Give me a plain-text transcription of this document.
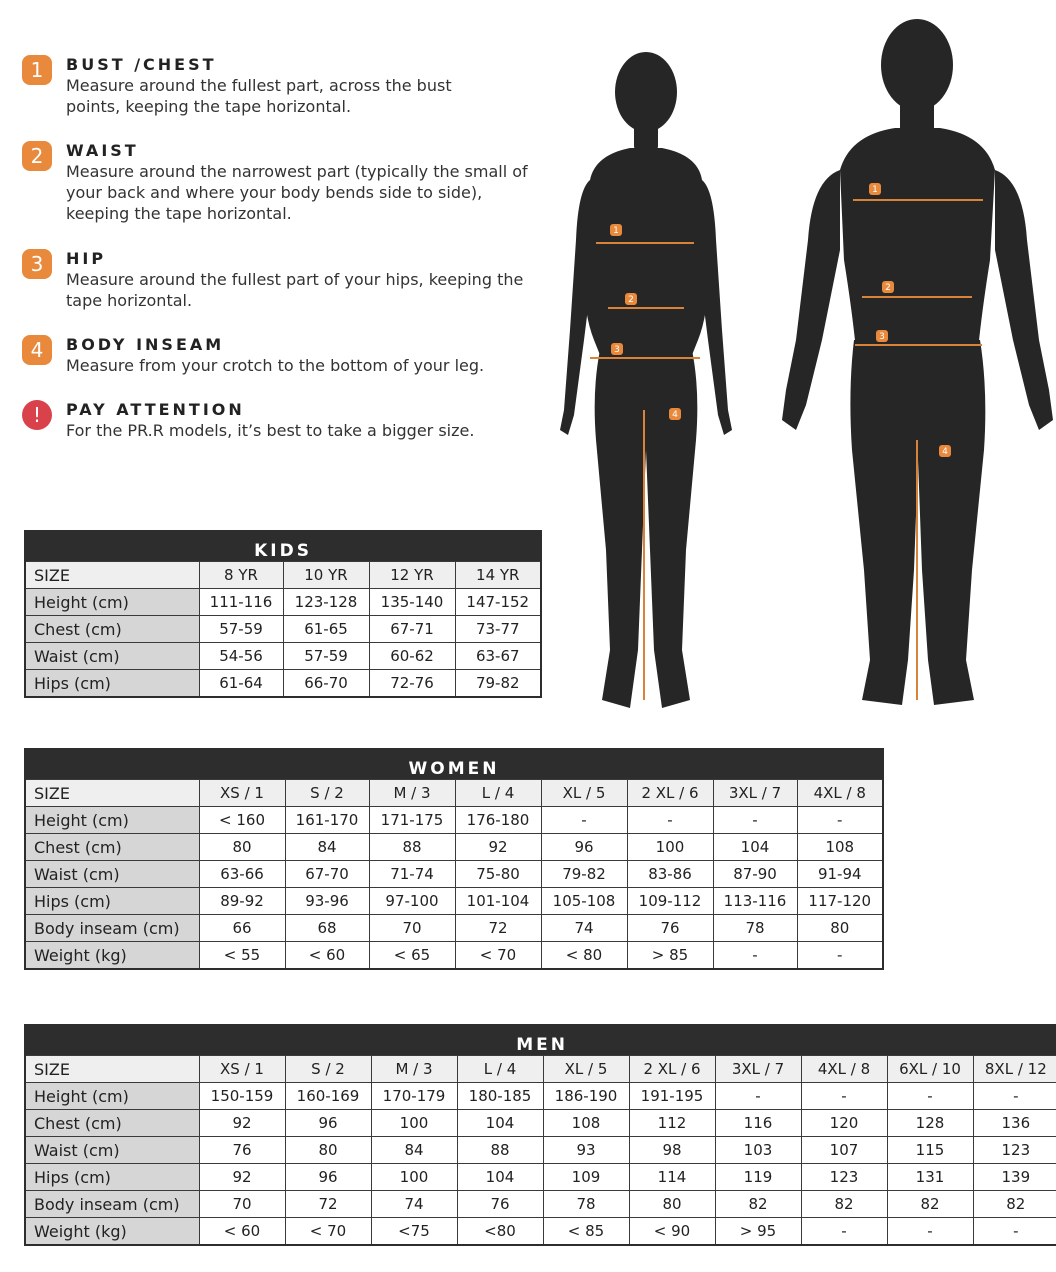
1	BUST /CHEST
Measure around the fullest part, across the bust points, keeping the tape horizontal.
2	WAIST
Measure around the narrowest part (typically the small of your back and where your body bends side to side), keeping the tape horizontal.
3	HIP
Measure around the fullest part of your hips, keeping the tape horizontal.
4	BODY INSEAM
Measure from your crotch to the bottom of your leg.
!	PAY ATTENTION
For the PR.R models, it’s best to take a bigger size.
1
2
3
4
1
2
3
4
KIDS				
SIZE	8 YR	10 YR	12 YR	14 YR
Height (cm)	111-116	123-128	135-140	147-152
Chest (cm)	57-59	61-65	67-71	73-77
Waist (cm)	54-56	57-59	60-62	63-67
Hips (cm)	61-64	66-70	72-76	79-82
WOMEN								
SIZE	XS / 1	S / 2	M / 3	L / 4	XL / 5	2 XL / 6	3XL / 7	4XL / 8
Height (cm)	< 160	161-170	171-175	176-180	-	-	-	-
Chest (cm)	80	84	88	92	96	100	104	108
Waist (cm)	63-66	67-70	71-74	75-80	79-82	83-86	87-90	91-94
Hips (cm)	89-92	93-96	97-100	101-104	105-108	109-112	113-116	117-120
Body inseam (cm)	66	68	70	72	74	76	78	80
Weight (kg)	< 55	< 60	< 65	< 70	< 80	> 85	-	-
MEN										
SIZE	XS / 1	S / 2	M / 3	L / 4	XL / 5	2 XL / 6	3XL / 7	4XL / 8	6XL / 10	8XL / 12
Height (cm)	150-159	160-169	170-179	180-185	186-190	191-195	-	-	-	-
Chest (cm)	92	96	100	104	108	112	116	120	128	136
Waist (cm)	76	80	84	88	93	98	103	107	115	123
Hips (cm)	92	96	100	104	109	114	119	123	131	139
Body inseam (cm)	70	72	74	76	78	80	82	82	82	82
Weight (kg)	< 60	< 70	<75	<80	< 85	< 90	> 95	-	-	-
